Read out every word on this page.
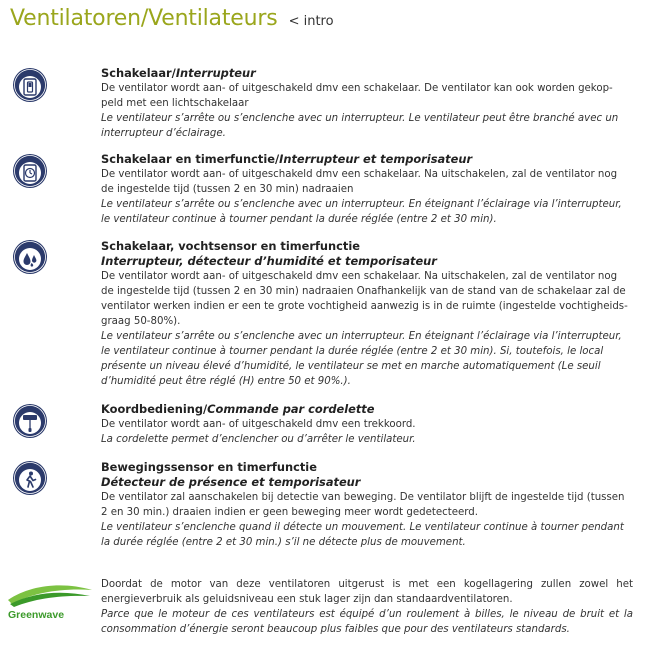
Ventilatoren/Ventilateurs < intro
Schakelaar/Interrupteur
De ventilator wordt aan- of uitgeschakeld dmv een schakelaar. De ventilator kan ook worden gekop-peld met een lichtschakelaar
Le ventilateur s’arrête ou s’enclenche avec un interrupteur. Le ventilateur peut être branché avec un interrupteur d’éclairage.
Schakelaar en timerfunctie/Interrupteur et temporisateur
De ventilator wordt aan- of uitgeschakeld dmv een schakelaar. Na uitschakelen, zal de ventilator nog de ingestelde tijd (tussen 2 en 30 min) nadraaien
Le ventilateur s’arrête ou s’enclenche avec un interrupteur. En éteignant l’éclairage via l’interrupteur, le ventilateur continue à tourner pendant la durée réglée (entre 2 et 30 min).
Schakelaar, vochtsensor en timerfunctie
Interrupteur, détecteur d’humidité et temporisateur
De ventilator wordt aan- of uitgeschakeld dmv een schakelaar. Na uitschakelen, zal de ventilator nog de ingestelde tijd (tussen 2 en 30 min) nadraaien Onafhankelijk van de stand van de schakelaar zal de ventilator werken indien er een te grote vochtigheid aanwezig is in de ruimte (ingestelde vochtigheids-graag 50-80%).
Le ventilateur s’arrête ou s’enclenche avec un interrupteur. En éteignant l’éclairage via l’interrupteur, le ventilateur continue à tourner pendant la durée réglée (entre 2 et 30 min). Si, toutefois, le local présente un niveau élevé d’humidité, le ventilateur se met en marche automatiquement (Le seuil d’humidité peut être réglé (H) entre 50 et 90%.).
Koordbediening/Commande par cordelette
De ventilator wordt aan- of uitgeschakeld dmv een trekkoord.
La cordelette permet d’enclencher ou d’arrêter le ventilateur.
Bewegingssensor en timerfunctie
Détecteur de présence et temporisateur
De ventilator zal aanschakelen bij detectie van beweging. De ventilator blijft de ingestelde tijd (tussen 2 en 30 min.) draaien indien er geen beweging meer wordt gedetecteerd.
Le ventilateur s’enclenche quand il détecte un mouvement. Le ventilateur continue à tourner pendant la durée réglée (entre 2 et 30 min.) s’il ne détecte plus de mouvement.
Greenwave
Doordat de motor van deze ventilatoren uitgerust is met een kogellagering zullen zowel het energieverbruik als geluidsniveau een stuk lager zijn dan standaardventilatoren.
Parce que le moteur de ces ventilateurs est équipé d’un roulement à billes, le niveau de bruit et la consommation d’énergie seront beaucoup plus faibles que pour des ventilateurs standards.
